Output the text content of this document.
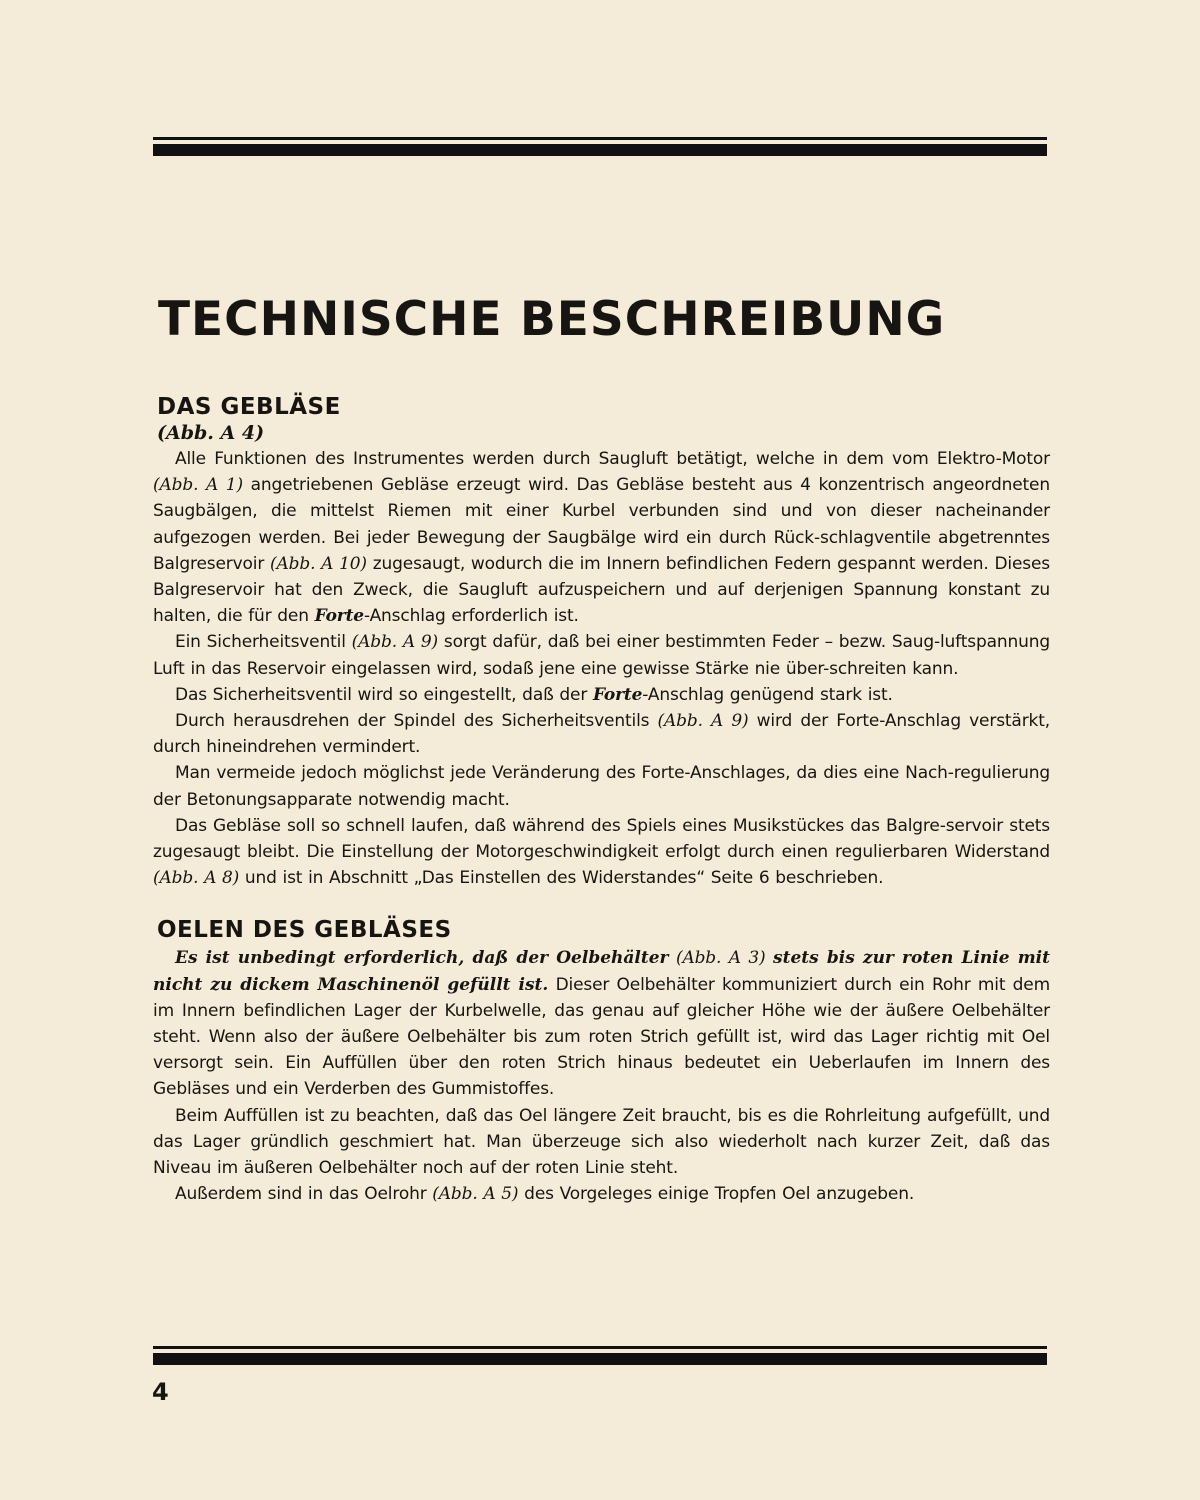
TECHNISCHE BESCHREIBUNG
DAS GEBLÄSE
(Abb. A 4)

Alle Funktionen des Instrumentes werden durch Saugluft betätigt, welche in dem vom Elektro-Motor (Abb. A 1) angetriebenen Gebläse erzeugt wird. Das Gebläse besteht aus 4 konzentrisch angeordneten Saugbälgen, die mittelst Riemen mit einer Kurbel verbunden sind und von dieser nacheinander aufgezogen werden. Bei jeder Bewegung der Saugbälge wird ein durch Rück-schlagventile abgetrenntes Balgreservoir (Abb. A 10) zugesaugt, wodurch die im Innern befindlichen Federn gespannt werden. Dieses Balgreservoir hat den Zweck, die Saugluft aufzuspeichern und auf derjenigen Spannung konstant zu halten, die für den Forte-Anschlag erforderlich ist.

Ein Sicherheitsventil (Abb. A 9) sorgt dafür, daß bei einer bestimmten Feder – bezw. Saug-luftspannung Luft in das Reservoir eingelassen wird, sodaß jene eine gewisse Stärke nie über-schreiten kann.

Das Sicherheitsventil wird so eingestellt, daß der Forte-Anschlag genügend stark ist.

Durch herausdrehen der Spindel des Sicherheitsventils (Abb. A 9) wird der Forte-Anschlag verstärkt, durch hineindrehen vermindert.

Man vermeide jedoch möglichst jede Veränderung des Forte-Anschlages, da dies eine Nach-regulierung der Betonungsapparate notwendig macht.

Das Gebläse soll so schnell laufen, daß während des Spiels eines Musikstückes das Balgre-servoir stets zugesaugt bleibt. Die Einstellung der Motorgeschwindigkeit erfolgt durch einen regulierbaren Widerstand (Abb. A 8) und ist in Abschnitt „Das Einstellen des Widerstandes“ Seite 6 beschrieben.

OELEN DES GEBLÄSES

Es ist unbedingt erforderlich, daß der Oelbehälter (Abb. A 3) stets bis zur roten Linie mit nicht zu dickem Maschinenöl gefüllt ist. Dieser Oelbehälter kommuniziert durch ein Rohr mit dem im Innern befindlichen Lager der Kurbelwelle, das genau auf gleicher Höhe wie der äußere Oelbehälter steht. Wenn also der äußere Oelbehälter bis zum roten Strich gefüllt ist, wird das Lager richtig mit Oel versorgt sein. Ein Auffüllen über den roten Strich hinaus bedeutet ein Ueberlaufen im Innern des Gebläses und ein Verderben des Gummistoffes.

Beim Auffüllen ist zu beachten, daß das Oel längere Zeit braucht, bis es die Rohrleitung aufgefüllt, und das Lager gründlich geschmiert hat. Man überzeuge sich also wiederholt nach kurzer Zeit, daß das Niveau im äußeren Oelbehälter noch auf der roten Linie steht.

Außerdem sind in das Oelrohr (Abb. A 5) des Vorgeleges einige Tropfen Oel anzugeben.

4
